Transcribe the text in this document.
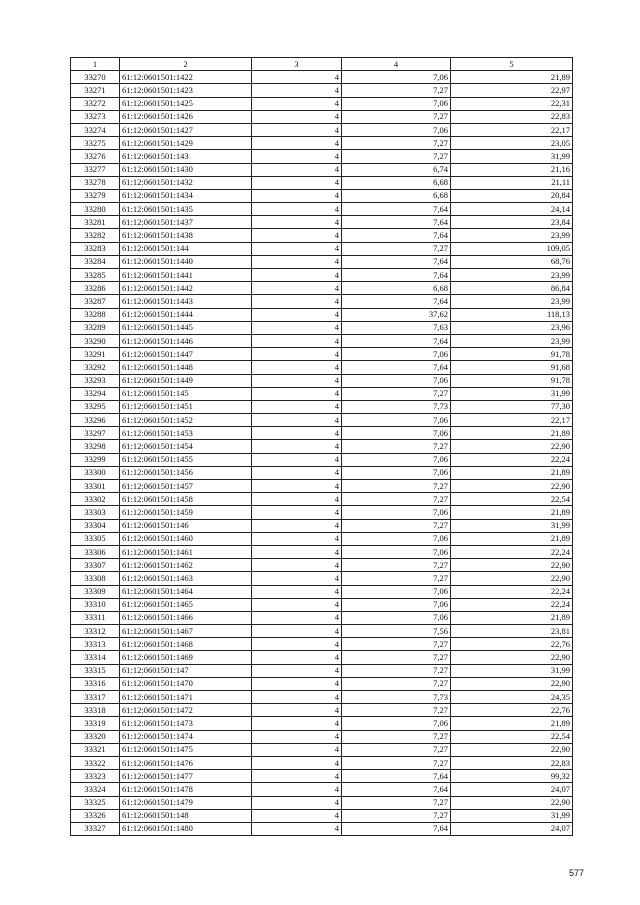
1	2	3	4	5
33270	61:12:0601501:1422	4	7,06	21,89
33271	61:12:0601501:1423	4	7,27	22,97
33272	61:12:0601501:1425	4	7,06	22,31
33273	61:12:0601501:1426	4	7,27	22,83
33274	61:12:0601501:1427	4	7,06	22,17
33275	61:12:0601501:1429	4	7,27	23,05
33276	61:12:0601501:143	4	7,27	31,99
33277	61:12:0601501:1430	4	6,74	21,16
33278	61:12:0601501:1432	4	6,68	21,11
33279	61:12:0601501:1434	4	6,68	20,84
33280	61:12:0601501:1435	4	7,64	24,14
33281	61:12:0601501:1437	4	7,64	23,84
33282	61:12:0601501:1438	4	7,64	23,99
33283	61:12:0601501:144	4	7,27	109,05
33284	61:12:0601501:1440	4	7,64	68,76
33285	61:12:0601501:1441	4	7,64	23,99
33286	61:12:0601501:1442	4	6,68	86,84
33287	61:12:0601501:1443	4	7,64	23,99
33288	61:12:0601501:1444	4	37,62	118,13
33289	61:12:0601501:1445	4	7,63	23,96
33290	61:12:0601501:1446	4	7,64	23,99
33291	61:12:0601501:1447	4	7,06	91,78
33292	61:12:0601501:1448	4	7,64	91,68
33293	61:12:0601501:1449	4	7,06	91,78
33294	61:12:0601501:145	4	7,27	31,99
33295	61:12:0601501:1451	4	7,73	77,30
33296	61:12:0601501:1452	4	7,06	22,17
33297	61:12:0601501:1453	4	7,06	21,89
33298	61:12:0601501:1454	4	7,27	22,90
33299	61:12:0601501:1455	4	7,06	22,24
33300	61:12:0601501:1456	4	7,06	21,89
33301	61:12:0601501:1457	4	7,27	22,90
33302	61:12:0601501:1458	4	7,27	22,54
33303	61:12:0601501:1459	4	7,06	21,89
33304	61:12:0601501:146	4	7,27	31,99
33305	61:12:0601501:1460	4	7,06	21,89
33306	61:12:0601501:1461	4	7,06	22,24
33307	61:12:0601501:1462	4	7,27	22,90
33308	61:12:0601501:1463	4	7,27	22,90
33309	61:12:0601501:1464	4	7,06	22,24
33310	61:12:0601501:1465	4	7,06	22,24
33311	61:12:0601501:1466	4	7,06	21,89
33312	61:12:0601501:1467	4	7,56	23,81
33313	61:12:0601501:1468	4	7,27	22,76
33314	61:12:0601501:1469	4	7,27	22,90
33315	61:12:0601501:147	4	7,27	31,99
33316	61:12:0601501:1470	4	7,27	22,90
33317	61:12:0601501:1471	4	7,73	24,35
33318	61:12:0601501:1472	4	7,27	22,76
33319	61:12:0601501:1473	4	7,06	21,89
33320	61:12:0601501:1474	4	7,27	22,54
33321	61:12:0601501:1475	4	7,27	22,90
33322	61:12:0601501:1476	4	7,27	22,83
33323	61:12:0601501:1477	4	7,64	99,32
33324	61:12:0601501:1478	4	7,64	24,07
33325	61:12:0601501:1479	4	7,27	22,90
33326	61:12:0601501:148	4	7,27	31,99
33327	61:12:0601501:1480	4	7,64	24,07
577
